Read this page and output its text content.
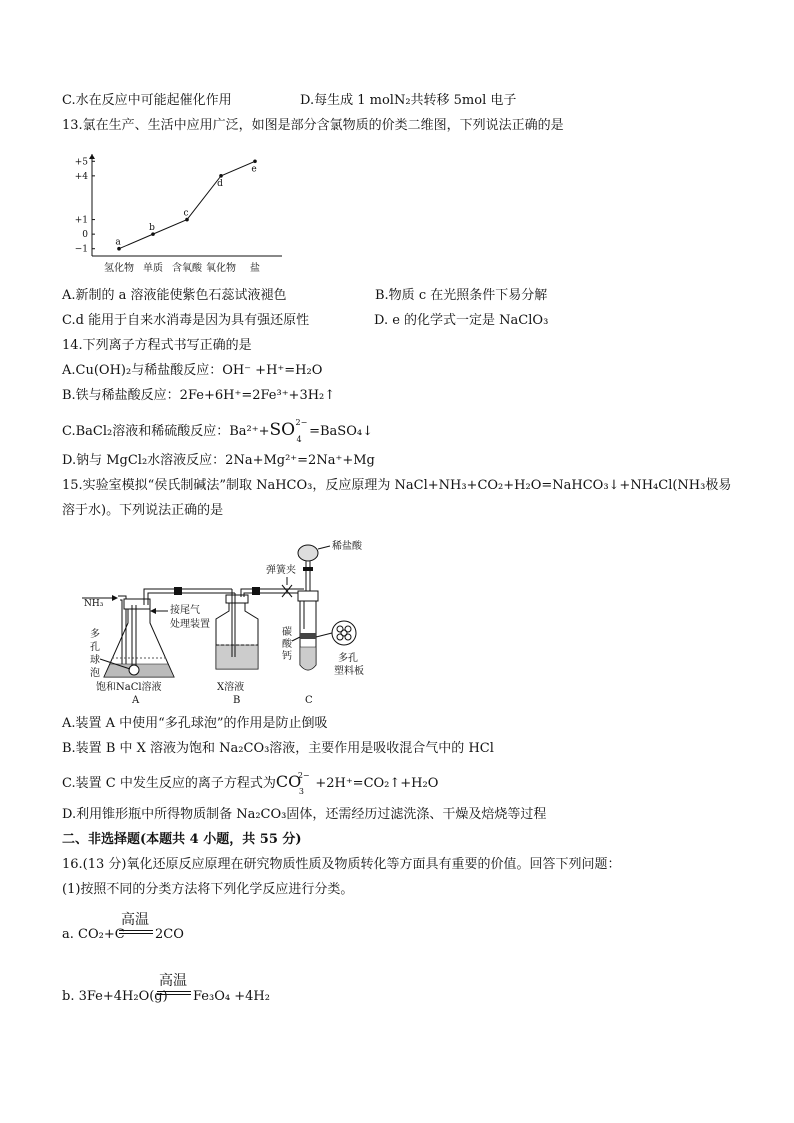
C.水在反应中可能起催化作用	D.每生成 1 molN₂共转移 5mol 电子
13.氯在生产、生活中应用广泛，如图是部分含氯物质的价类二维图，下列说法正确的是
+5
+4
+1
0
−1
氢化物 单质 含氧酸 氧化物 盐
a
b
c
d
e
A.新制的 a 溶液能使紫色石蕊试液褪色	B.物质 c 在光照条件下易分解
C.d 能用于自来水消毒是因为具有强还原性	D. e 的化学式一定是 NaClO₃
14.下列离子方程式书写正确的是
A.Cu(OH)₂与稀盐酸反应：OH⁻ +H⁺=H₂O
B.铁与稀盐酸反应：2Fe+6H⁺=2Fe³⁺+3H₂↑
C.BaCl₂溶液和稀硫酸反应：Ba²⁺+SO 2−
4
=BaSO₄↓
D.钠与 MgCl₂水溶液反应：2Na+Mg²⁺=2Na⁺+Mg
15.实验室模拟“侯氏制碱法”制取 NaHCO₃，反应原理为 NaCl+NH₃+CO₂+H₂O=NaHCO₃↓+NH₄Cl(NH₃极易
溶于水)。下列说法正确的是
NH₃
接尾气
处理装置
弹簧夹
稀盐酸
碳
酸
钙	多孔
塑料板
多
孔
球
泡
饱和NaCl溶液
A
X溶液
B	C
A.装置 A 中使用“多孔球泡”的作用是防止倒吸
B.装置 B 中 X 溶液为饱和 Na₂CO₃溶液，主要作用是吸收混合气中的 HCl
C.装置 C 中发生反应的离子方程式为CO
2−
3
+2H⁺=CO₂↑+H₂O
D.利用锥形瓶中所得物质制备 Na₂CO₃固体，还需经历过滤洗涤、干燥及焙烧等过程
二、非选择题(本题共 4 小题，共 55 分)
16.(13 分)氧化还原反应原理在研究物质性质及物质转化等方面具有重要的价值。回答下列问题：
(1)按照不同的分类方法将下列化学反应进行分类。
a. CO₂+C
高温
2CO
b. 3Fe+4H₂O(g)
高温
Fe₃O₄ +4H₂
